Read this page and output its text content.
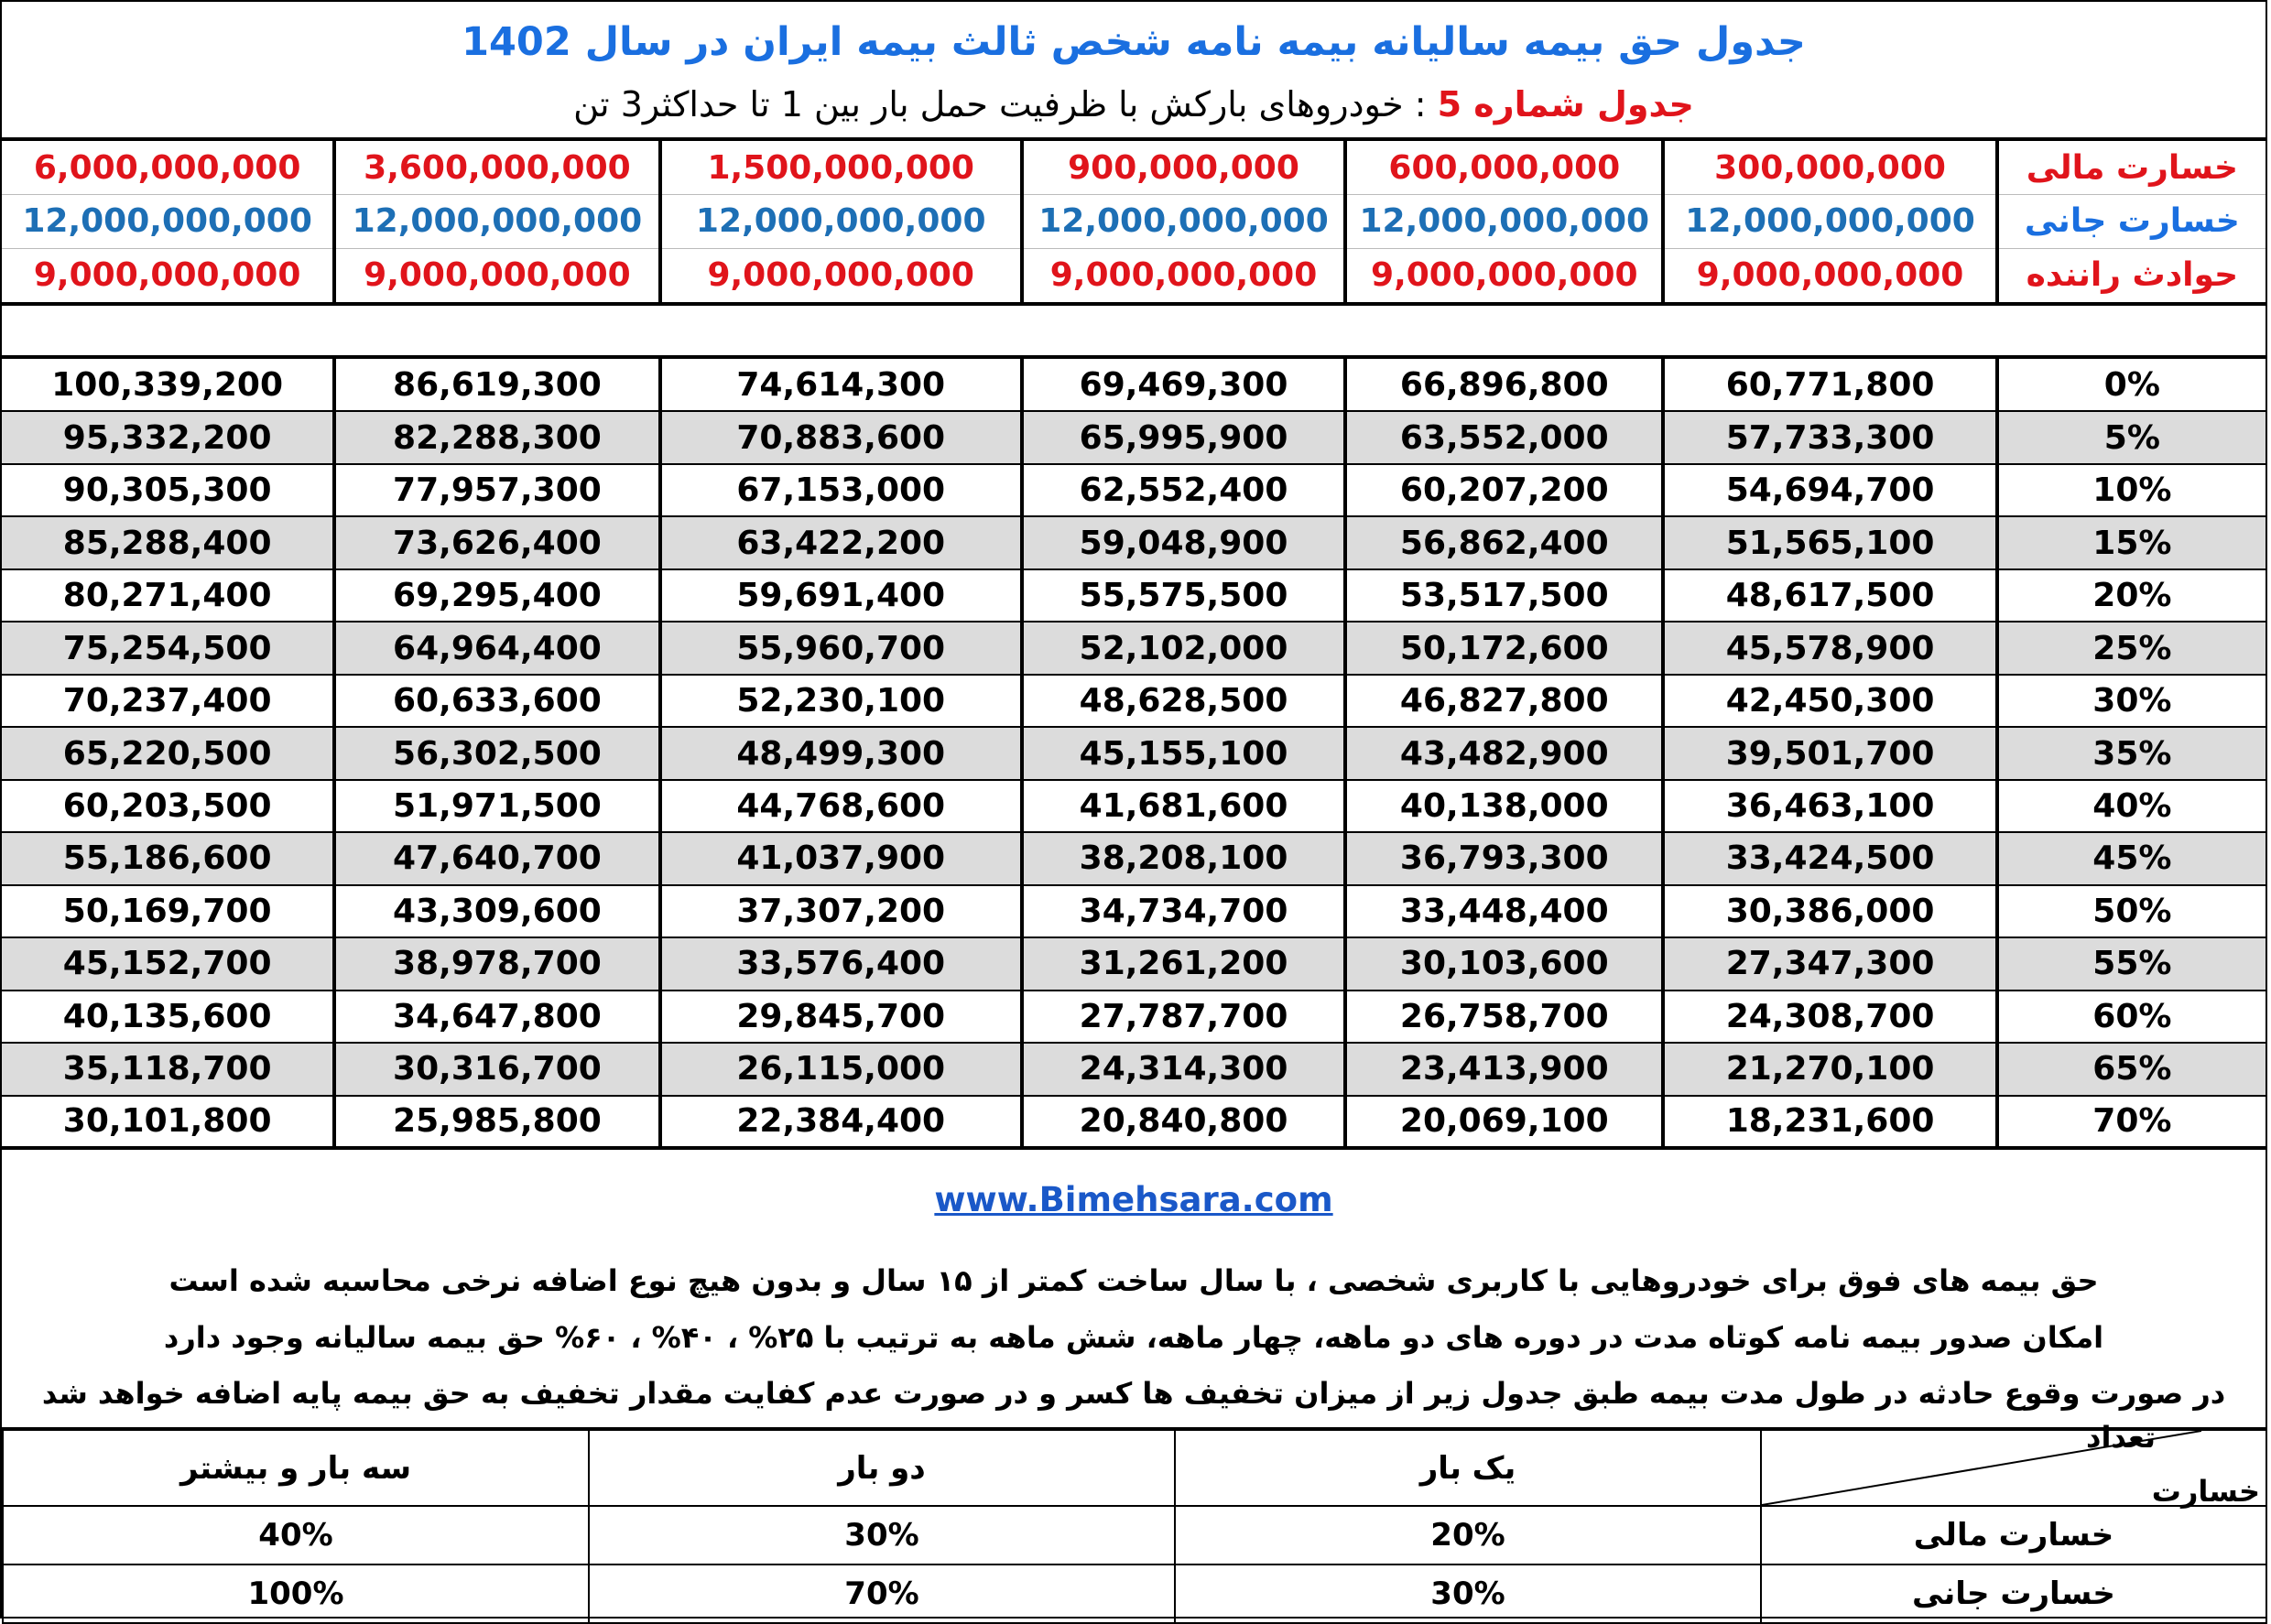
جدول حق بیمه سالیانه بیمه نامه شخص ثالث بیمه ایران در سال 1402
جدول شماره 5 : خودروهای بارکش با ظرفیت حمل بار بین 1 تا حداکثر3 تن
6,000,000,000	3,600,000,000	1,500,000,000	900,000,000	600,000,000	300,000,000	خسارت مالی
12,000,000,000	12,000,000,000	12,000,000,000	12,000,000,000	12,000,000,000	12,000,000,000	خسارت جانی
9,000,000,000	9,000,000,000	9,000,000,000	9,000,000,000	9,000,000,000	9,000,000,000	حوادث راننده
100,339,200	86,619,300	74,614,300	69,469,300	66,896,800	60,771,800	0%
95,332,200	82,288,300	70,883,600	65,995,900	63,552,000	57,733,300	5%
90,305,300	77,957,300	67,153,000	62,552,400	60,207,200	54,694,700	10%
85,288,400	73,626,400	63,422,200	59,048,900	56,862,400	51,565,100	15%
80,271,400	69,295,400	59,691,400	55,575,500	53,517,500	48,617,500	20%
75,254,500	64,964,400	55,960,700	52,102,000	50,172,600	45,578,900	25%
70,237,400	60,633,600	52,230,100	48,628,500	46,827,800	42,450,300	30%
65,220,500	56,302,500	48,499,300	45,155,100	43,482,900	39,501,700	35%
60,203,500	51,971,500	44,768,600	41,681,600	40,138,000	36,463,100	40%
55,186,600	47,640,700	41,037,900	38,208,100	36,793,300	33,424,500	45%
50,169,700	43,309,600	37,307,200	34,734,700	33,448,400	30,386,000	50%
45,152,700	38,978,700	33,576,400	31,261,200	30,103,600	27,347,300	55%
40,135,600	34,647,800	29,845,700	27,787,700	26,758,700	24,308,700	60%
35,118,700	30,316,700	26,115,000	24,314,300	23,413,900	21,270,100	65%
30,101,800	25,985,800	22,384,400	20,840,800	20,069,100	18,231,600	70%
www.Bimehsara.com
حق بیمه های فوق برای خودروهایی با کاربری شخصی ، با سال ساخت کمتر از ۱۵ سال و بدون هیچ نوع اضافه نرخی محاسبه شده است
امکان صدور بیمه نامه کوتاه مدت در دوره های دو ماهه، چهار ماهه، شش ماهه به ترتیب با ۲۵% ، ۴۰% ، ۶۰% حق بیمه سالیانه وجود دارد
در صورت وقوع حادثه در طول مدت بیمه طبق جدول زیر از میزان تخفیف ها کسر و در صورت عدم کفایت مقدار تخفیف به حق بیمه پایه اضافه خواهد شد
سه بار و بیشتر	دو بار	یک بار	تعداد
خسارت

40%	30%	20%	خسارت مالی
100%	70%	30%	خسارت جانی
